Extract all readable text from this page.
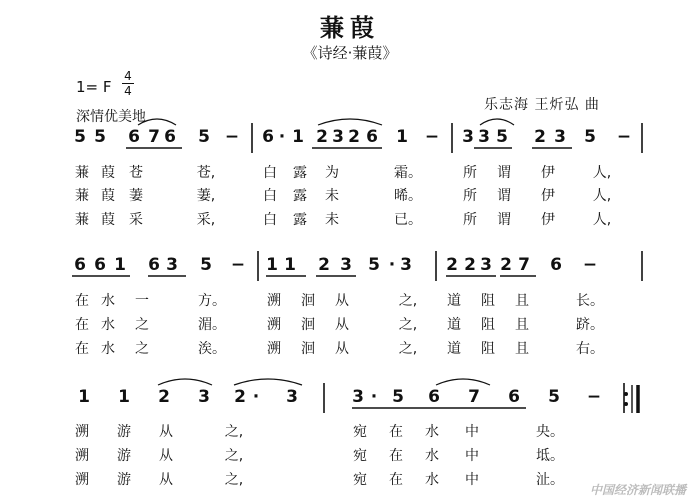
蒹葭
《诗经·蒹葭》
1= F
4
4
深情优美地
乐志海 王炘弘 曲
中国经济新闻联播
5 5 6 7 6 5 − 6 · 1 2 3 2 6 1 − 3 3 5 2 3 5 −
蒹 葭 苍	苍,	白 露 为	霜。	所 谓 伊	人,
蒹 葭 萋	萋,	白 露 未	晞。	所 谓 伊	人,
蒹 葭 采	采,	白 露 未	已。	所 谓 伊	人,
6 6 1 6 3 5 − 1 1 2 3 5 · 3 2 2 3 2 7 6 −
在 水 一	方。	溯 洄 从	之, 道 阻 且	长。
在 水 之	湄。	溯 洄 从	之, 道 阻 且	跻。
在 水 之	涘。	溯 洄 从	之, 道 阻 且	右。
1 1 2 3 2 · 3	3 · 5 6 7 6 5 −
溯 游 从	之,	宛 在 水 中	央。
溯 游 从	之,	宛 在 水 中	坻。
溯 游 从	之,	宛 在 水 中	沚。
